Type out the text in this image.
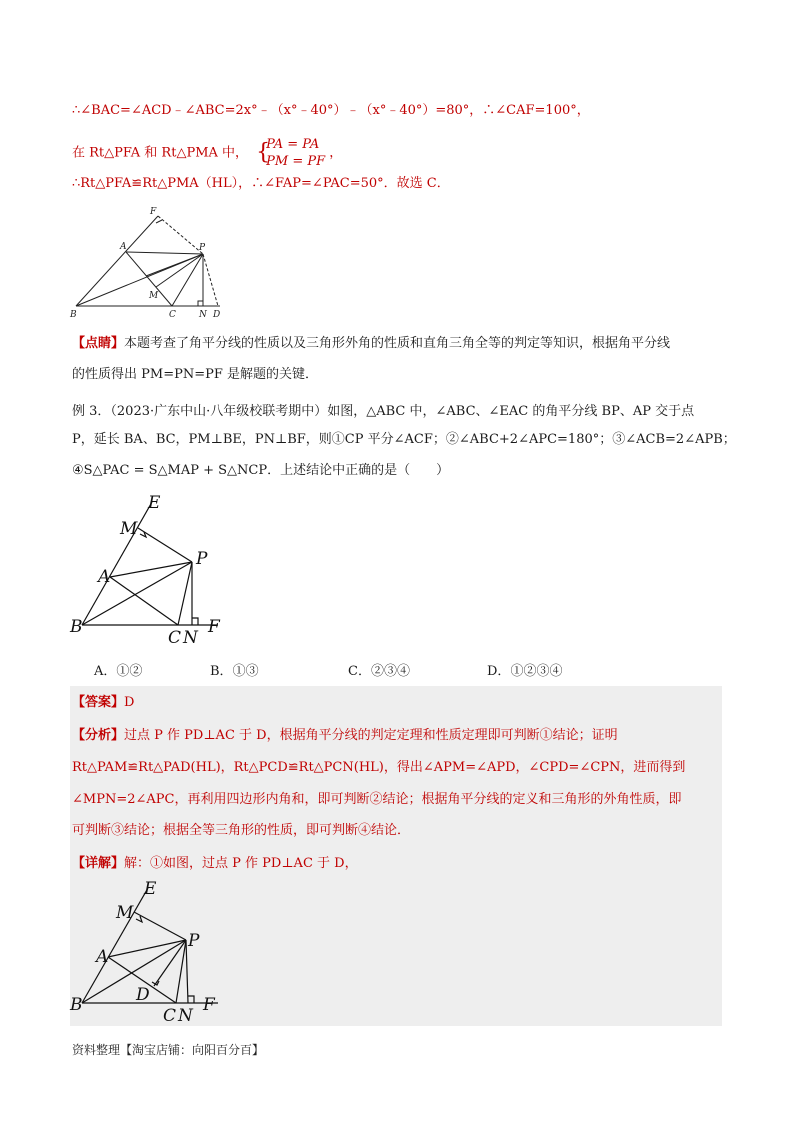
∴∠BAC=∠ACD﹣∠ABC=2x°﹣（x°﹣40°）﹣（x°﹣40°）=80°，∴∠CAF=100°，
在 Rt△PFA 和 Rt△PMA 中， {
PA = PA
PM = PF
，
∴Rt△PFA≌Rt△PMA（HL），∴∠FAP=∠PAC=50°．故选 C．
F
A	P
M
B	C	N D
【点睛】本题考查了角平分线的性质以及三角形外角的性质和直角三角全等的判定等知识，根据角平分线
的性质得出 PM=PN=PF 是解题的关键．
例 3．（2023·广东中山·八年级校联考期中）如图，△ABC 中，∠ABC、∠EAC 的角平分线 BP、AP 交于点
P，延长 BA、BC，PM⊥BE，PN⊥BF，则①CP 平分∠ACF；②∠ABC+2∠APC=180°；③∠ACB=2∠APB；
④S△PAC = S△MAP + S△NCP．上述结论中正确的是（　　）
E
M
P
A
B
C N
F
A．①②	B．①③	C．②③④	D．①②③④
【答案】D
【分析】过点 P 作 PD⊥AC 于 D，根据角平分线的判定定理和性质定理即可判断①结论；证明
Rt△PAM≌Rt△PAD(HL)，Rt△PCD≌Rt△PCN(HL)，得出∠APM=∠APD，∠CPD=∠CPN，进而得到
∠MPN=2∠APC，再利用四边形内角和，即可判断②结论；根据角平分线的定义和三角形的外角性质，即
可判断③结论；根据全等三角形的性质，即可判断④结论．
【详解】解：①如图，过点 P 作 PD⊥AC 于 D，
E
M
P
A
D
B
C N
F
资料整理【淘宝店铺：向阳百分百】
